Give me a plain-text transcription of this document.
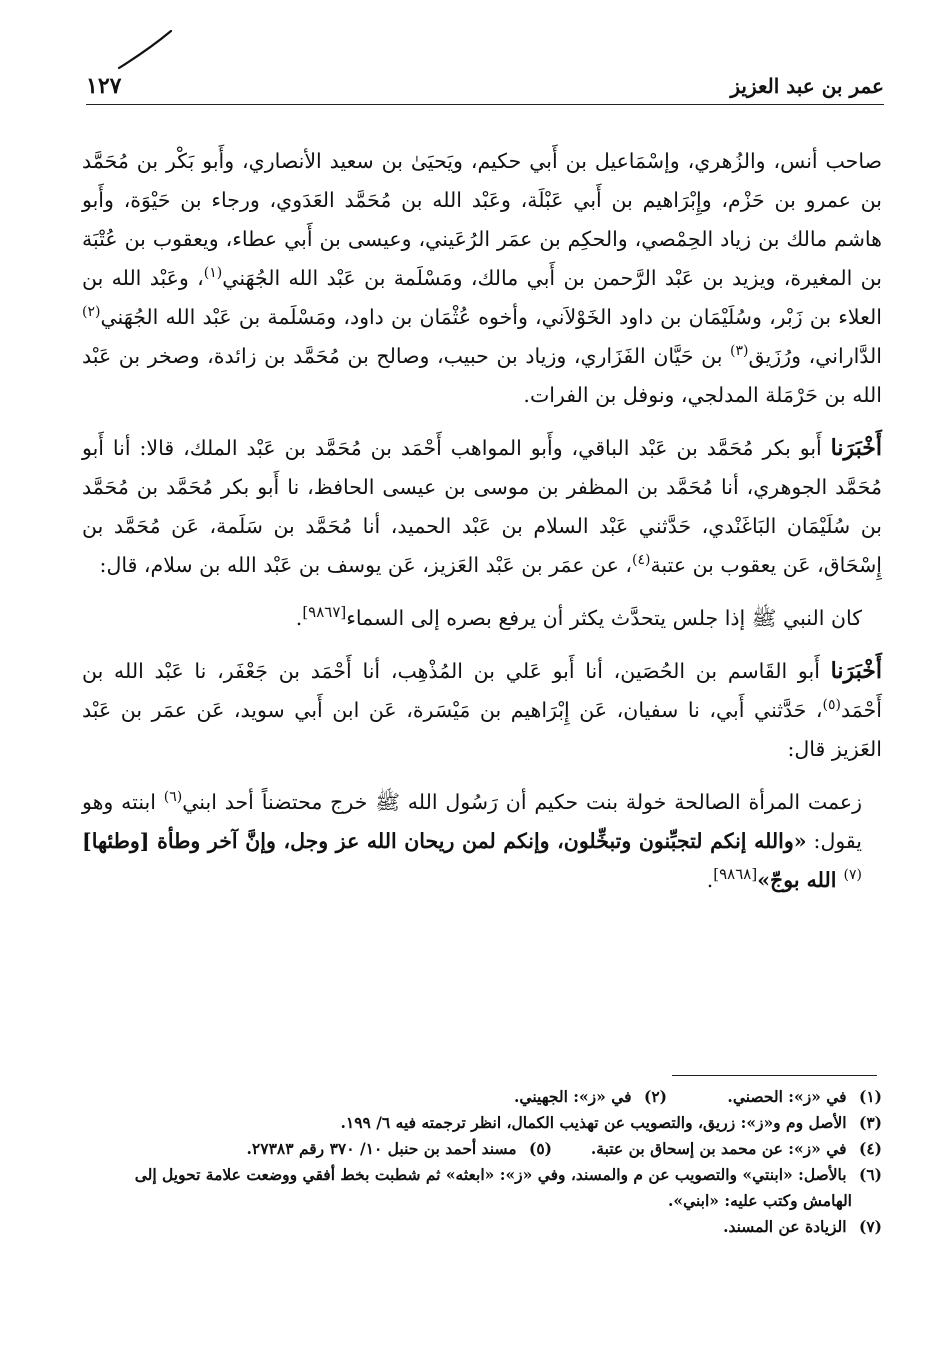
عمر بن عبد العزيز
١٢٧

صاحب أنس، والزُهري، وإسْمَاعيل بن أَبي حكيم، ويَحيَىٰ بن سعيد الأنصاري، وأَبو بَكْر بن مُحَمَّد بن عمرو بن حَزْم، وإِبْرَاهيم بن أَبي عَبْلَة، وعَبْد الله بن مُحَمَّد العَدَوي، ورجاء بن حَيْوَة، وأَبو هاشم مالك بن زياد الحِمْصي، والحكِم بن عمَر الرُعَيني، وعيسى بن أَبي عطاء، ويعقوب بن عُتْبَة بن المغيرة، ويزيد بن عَبْد الرَّحمن بن أَبي مالك، ومَسْلَمة بن عَبْد الله الجُهَني$^{(١)}$، وعَبْد الله بن العلاء بن زَبْر، وسُلَيْمَان بن داود الخَوْلاَني، وأخوه عُثْمَان بن داود، ومَسْلَمة بن عَبْد الله الجُهَني$^{(٢)}$ الدَّاراني، ورُزَيق$^{(٣)}$ بن حَيَّان الفَزَاري، وزياد بن حبيب، وصالح بن مُحَمَّد بن زائدة، وصخر بن عَبْد الله بن حَرْمَلة المدلجي، ونوفل بن الفرات.

أَخْبَرَنا أَبو بكر مُحَمَّد بن عَبْد الباقي، وأَبو المواهب أَحْمَد بن مُحَمَّد بن عَبْد الملك، قالا: أنا أَبو مُحَمَّد الجوهري، أنا مُحَمَّد بن المظفر بن موسى بن عيسى الحافظ، نا أَبو بكر مُحَمَّد بن مُحَمَّد بن سُلَيْمَان البَاغَنْدي، حَدَّثني عَبْد السلام بن عَبْد الحميد، أنا مُحَمَّد بن سَلَمة، عَن مُحَمَّد بن إِسْحَاق، عَن يعقوب بن عتبة$^{(٤)}$، عن عمَر بن عَبْد العَزيز، عَن يوسف بن عَبْد الله بن سلام، قال:

كان النبي ﷺ إذا جلس يتحدَّث يكثر أن يرفع بصره إلى السماء[٩٨٦٧].

أَخْبَرَنا أَبو القَاسم بن الحُصَين، أنا أَبو عَلي بن المُذْهِب، أنا أَحْمَد بن جَعْفَر، نا عَبْد الله بن أَحْمَد$^{(٥)}$، حَدَّثني أَبي، نا سفيان، عَن إِبْرَاهيم بن مَيْسَرة، عَن ابن أَبي سويد، عَن عمَر بن عَبْد العَزيز قال:

زعمت المرأة الصالحة خولة بنت حكيم أن رَسُول الله ﷺ خرج محتضناً أحد ابني$^{(٦)}$ ابنته وهو يقول: «والله إنكم لتجبِّنون وتبخِّلون، وإنكم لمن ريحان الله عز وجل، وإنَّ آخر وطأة [وطئها]$^{(٧)}$ الله بوجّ»[٩٨٦٨].

(١) في «ز»: الحصني.
(٢) في «ز»: الجهيني.
(٣) الأصل وم و«ز»: زريق، والتصويب عن تهذيب الكمال، انظر ترجمته فيه ٦/ ١٩٩.
(٤) في «ز»: عن محمد بن إسحاق بن عتبة.
(٥) مسند أحمد بن حنبل ١٠/ ٣٧٠ رقم ٢٧٣٨٣.
(٦) بالأصل: «ابنتي» والتصويب عن م والمسند، وفي «ز»: «ابعثه» ثم شطبت بخط أفقي ووضعت علامة تحويل إلى
الهامش وكتب عليه: «ابني».
(٧) الزيادة عن المسند.
